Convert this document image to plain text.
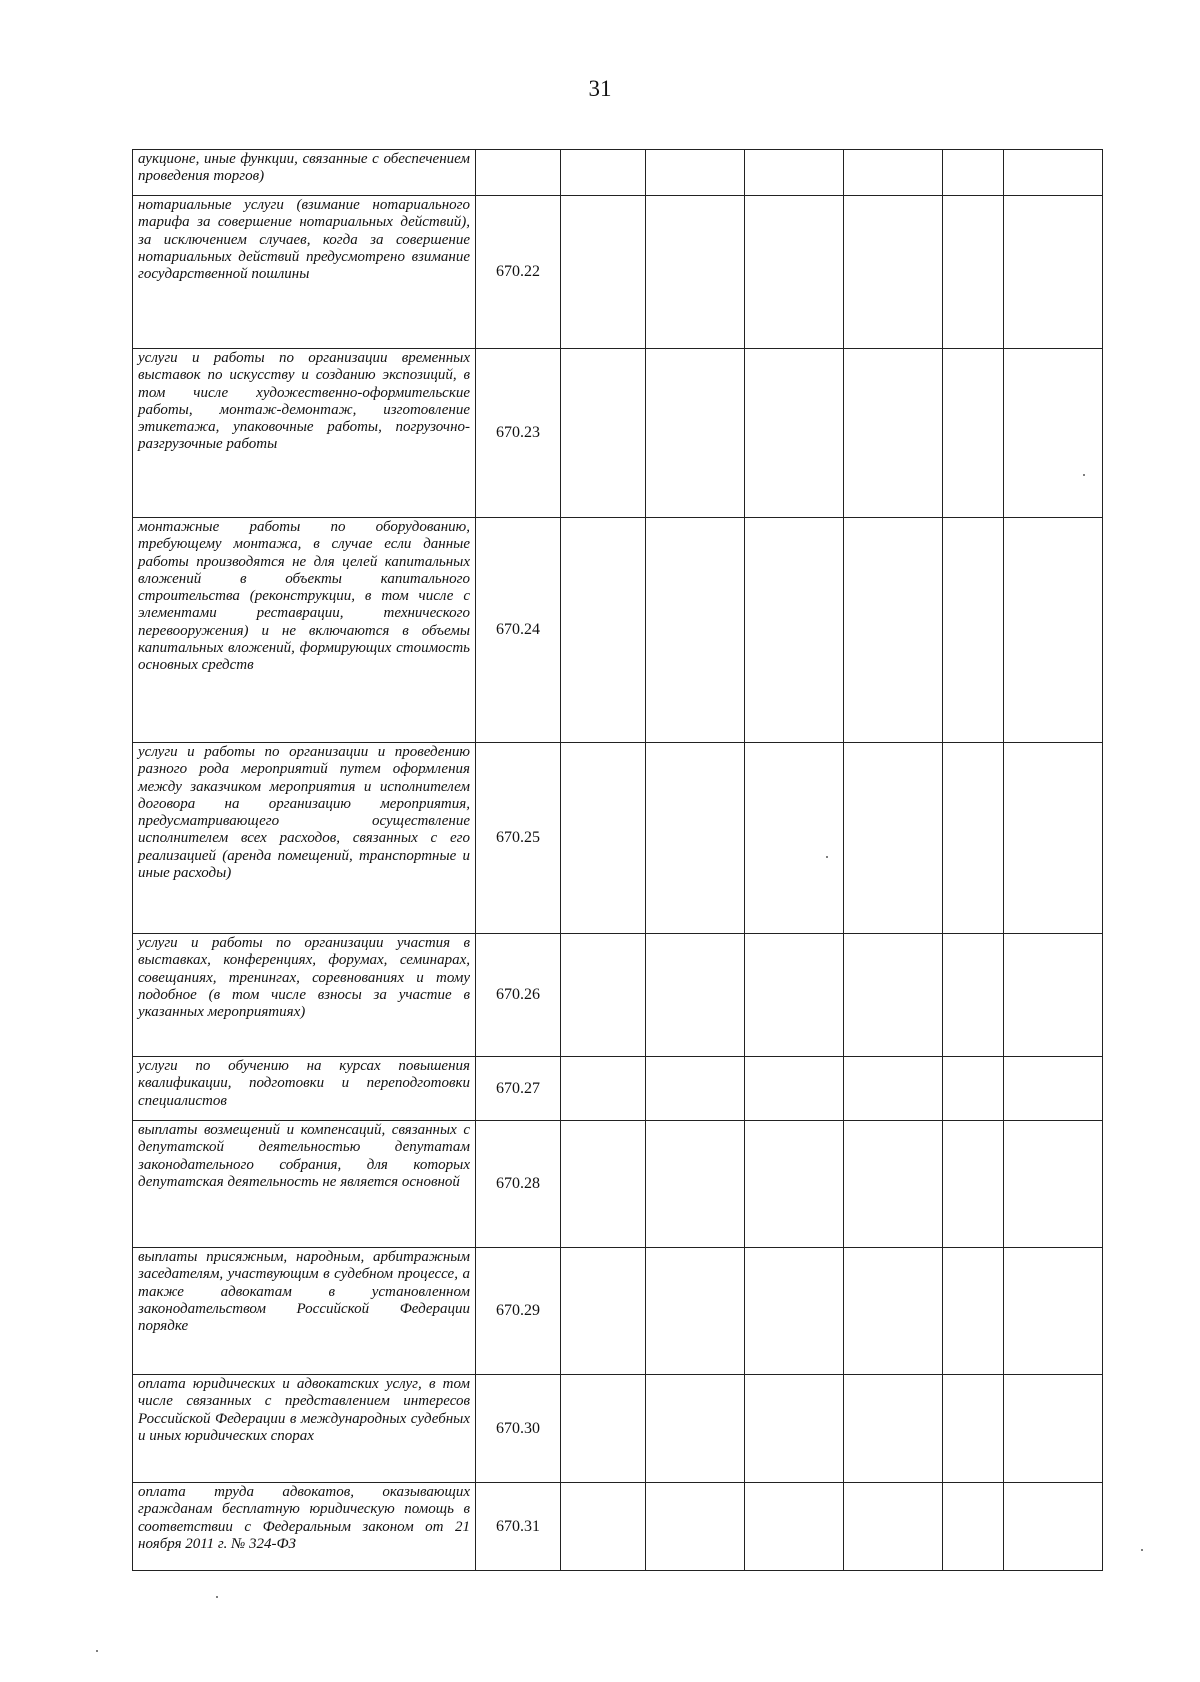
31
аукционе, иные функции, связанные с обеспечением проведения торгов)							
нотариальные услуги (взимание нотариального тарифа за совершение нотариальных действий), за исключением случаев, когда за совершение нотариальных действий предусмотрено взимание государственной пошлины	670.22						
услуги и работы по организации временных выставок по искусству и созданию экспозиций, в том числе художественно-оформительские работы, монтаж-демонтаж, изготовление этикетажа, упаковочные работы, погрузочно-разгрузочные работы	670.23						
монтажные работы по оборудованию, требующему монтажа, в случае если данные работы производятся не для целей капитальных вложений в объекты капитального строительства (реконструкции, в том числе с элементами реставрации, технического перевооружения) и не включаются в объемы капитальных вложений, формирующих стоимость основных средств	670.24						
услуги и работы по организации и проведению разного рода мероприятий путем оформления между заказчиком мероприятия и исполнителем договора на организацию мероприятия, предусматривающего осуществление исполнителем всех расходов, связанных с его реализацией (аренда помещений, транспортные и иные расходы)	670.25						
услуги и работы по организации участия в выставках, конференциях, форумах, семинарах, совещаниях, тренингах, соревнованиях и тому подобное (в том числе взносы за участие в указанных мероприятиях)	670.26						
услуги по обучению на курсах повышения квалификации, подготовки и переподготовки специалистов	670.27						
выплаты возмещений и компенсаций, связанных с депутатской деятельностью депутатам законодательного собрания, для которых депутатская деятельность не является основной	670.28						
выплаты присяжным, народным, арбитражным заседателям, участвующим в судебном процессе, а также адвокатам в установленном законодательством Российской Федерации порядке	670.29						
оплата юридических и адвокатских услуг, в том числе связанных с представлением интересов Российской Федерации в международных судебных и иных юридических спорах	670.30						
оплата труда адвокатов, оказывающих гражданам бесплатную юридическую помощь в соответствии с Федеральным законом от 21 ноября 2011 г. № 324-ФЗ	670.31						
